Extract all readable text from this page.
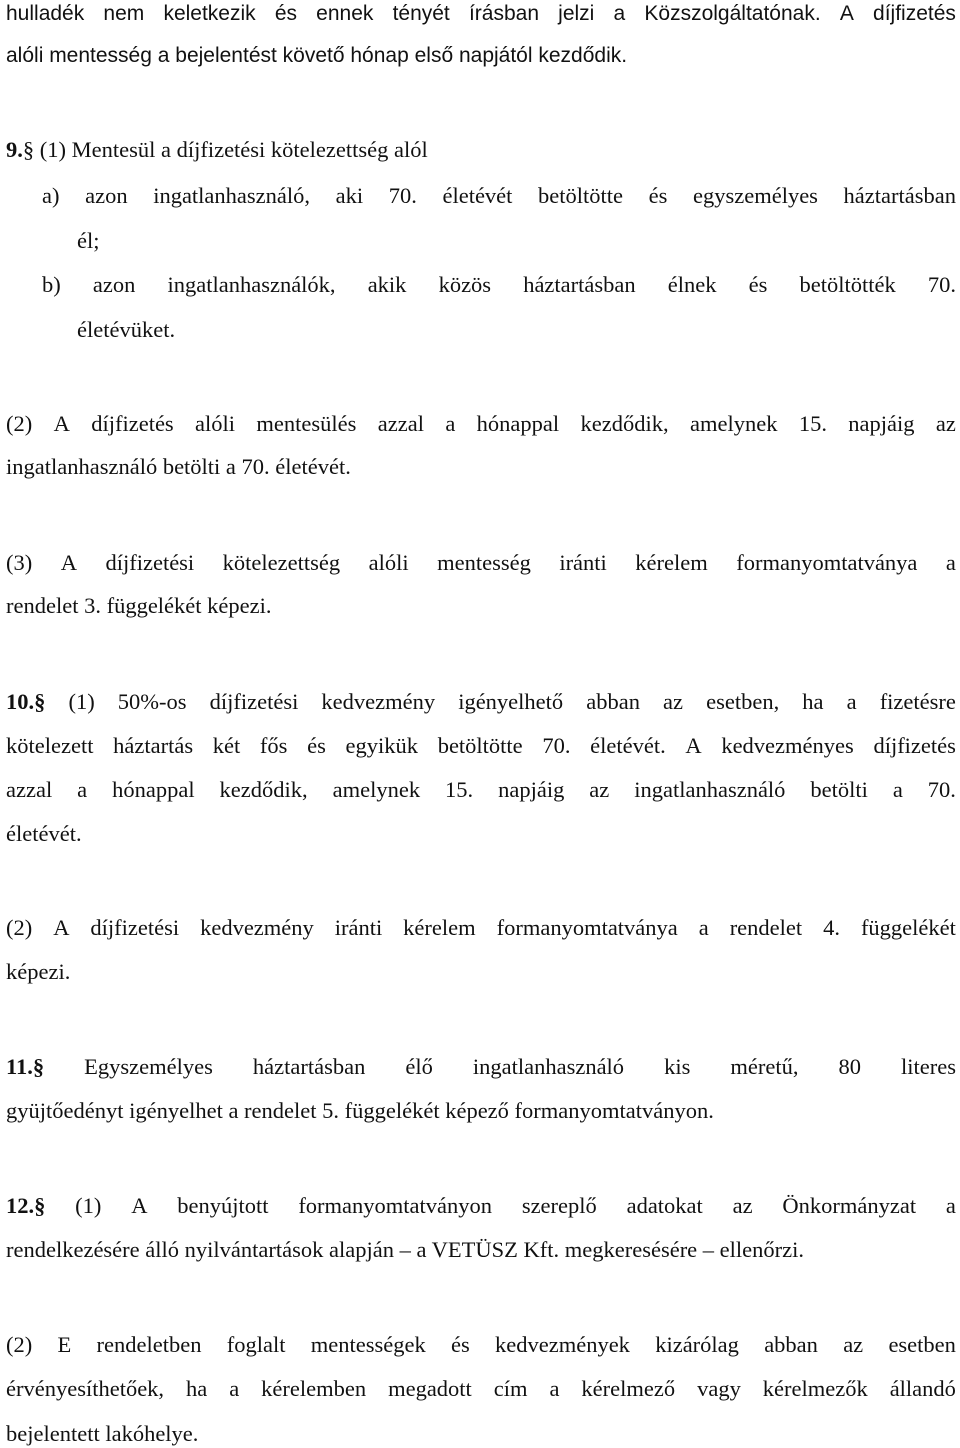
hulladék nem keletkezik és ennek tényét írásban jelzi a Közszolgáltatónak. A díjfizetés
alóli mentesség a bejelentést követő hónap első napjától kezdődik.
9.§ (1) Mentesül a díjfizetési kötelezettség alól
a) azon ingatlanhasználó, aki 70. életévét betöltötte és egyszemélyes háztartásban
él;
b) azon ingatlanhasználók, akik közös háztartásban élnek és betöltötték 70.
életévüket.
(2) A díjfizetés alóli mentesülés azzal a hónappal kezdődik, amelynek 15. napjáig az
ingatlanhasználó betölti a 70. életévét.
(3) A díjfizetési kötelezettség alóli mentesség iránti kérelem formanyomtatványa a
rendelet 3. függelékét képezi.
10.§ (1) 50%-os díjfizetési kedvezmény igényelhető abban az esetben, ha a fizetésre
kötelezett háztartás két fős és egyikük betöltötte 70. életévét. A kedvezményes díjfizetés
azzal a hónappal kezdődik, amelynek 15. napjáig az ingatlanhasználó betölti a 70.
életévét.
(2) A díjfizetési kedvezmény iránti kérelem formanyomtatványa a rendelet 4. függelékét
képezi.
11.§ Egyszemélyes háztartásban élő ingatlanhasználó kis méretű, 80 literes
gyüjtőedényt igényelhet a rendelet 5. függelékét képező formanyomtatványon.
12.§ (1) A benyújtott formanyomtatványon szereplő adatokat az Önkormányzat a
rendelkezésére álló nyilvántartások alapján – a VETÜSZ Kft. megkeresésére – ellenőrzi.
(2) E rendeletben foglalt mentességek és kedvezmények kizárólag abban az esetben
érvényesíthetőek, ha a kérelemben megadott cím a kérelmező vagy kérelmezők állandó
bejelentett lakóhelye.
